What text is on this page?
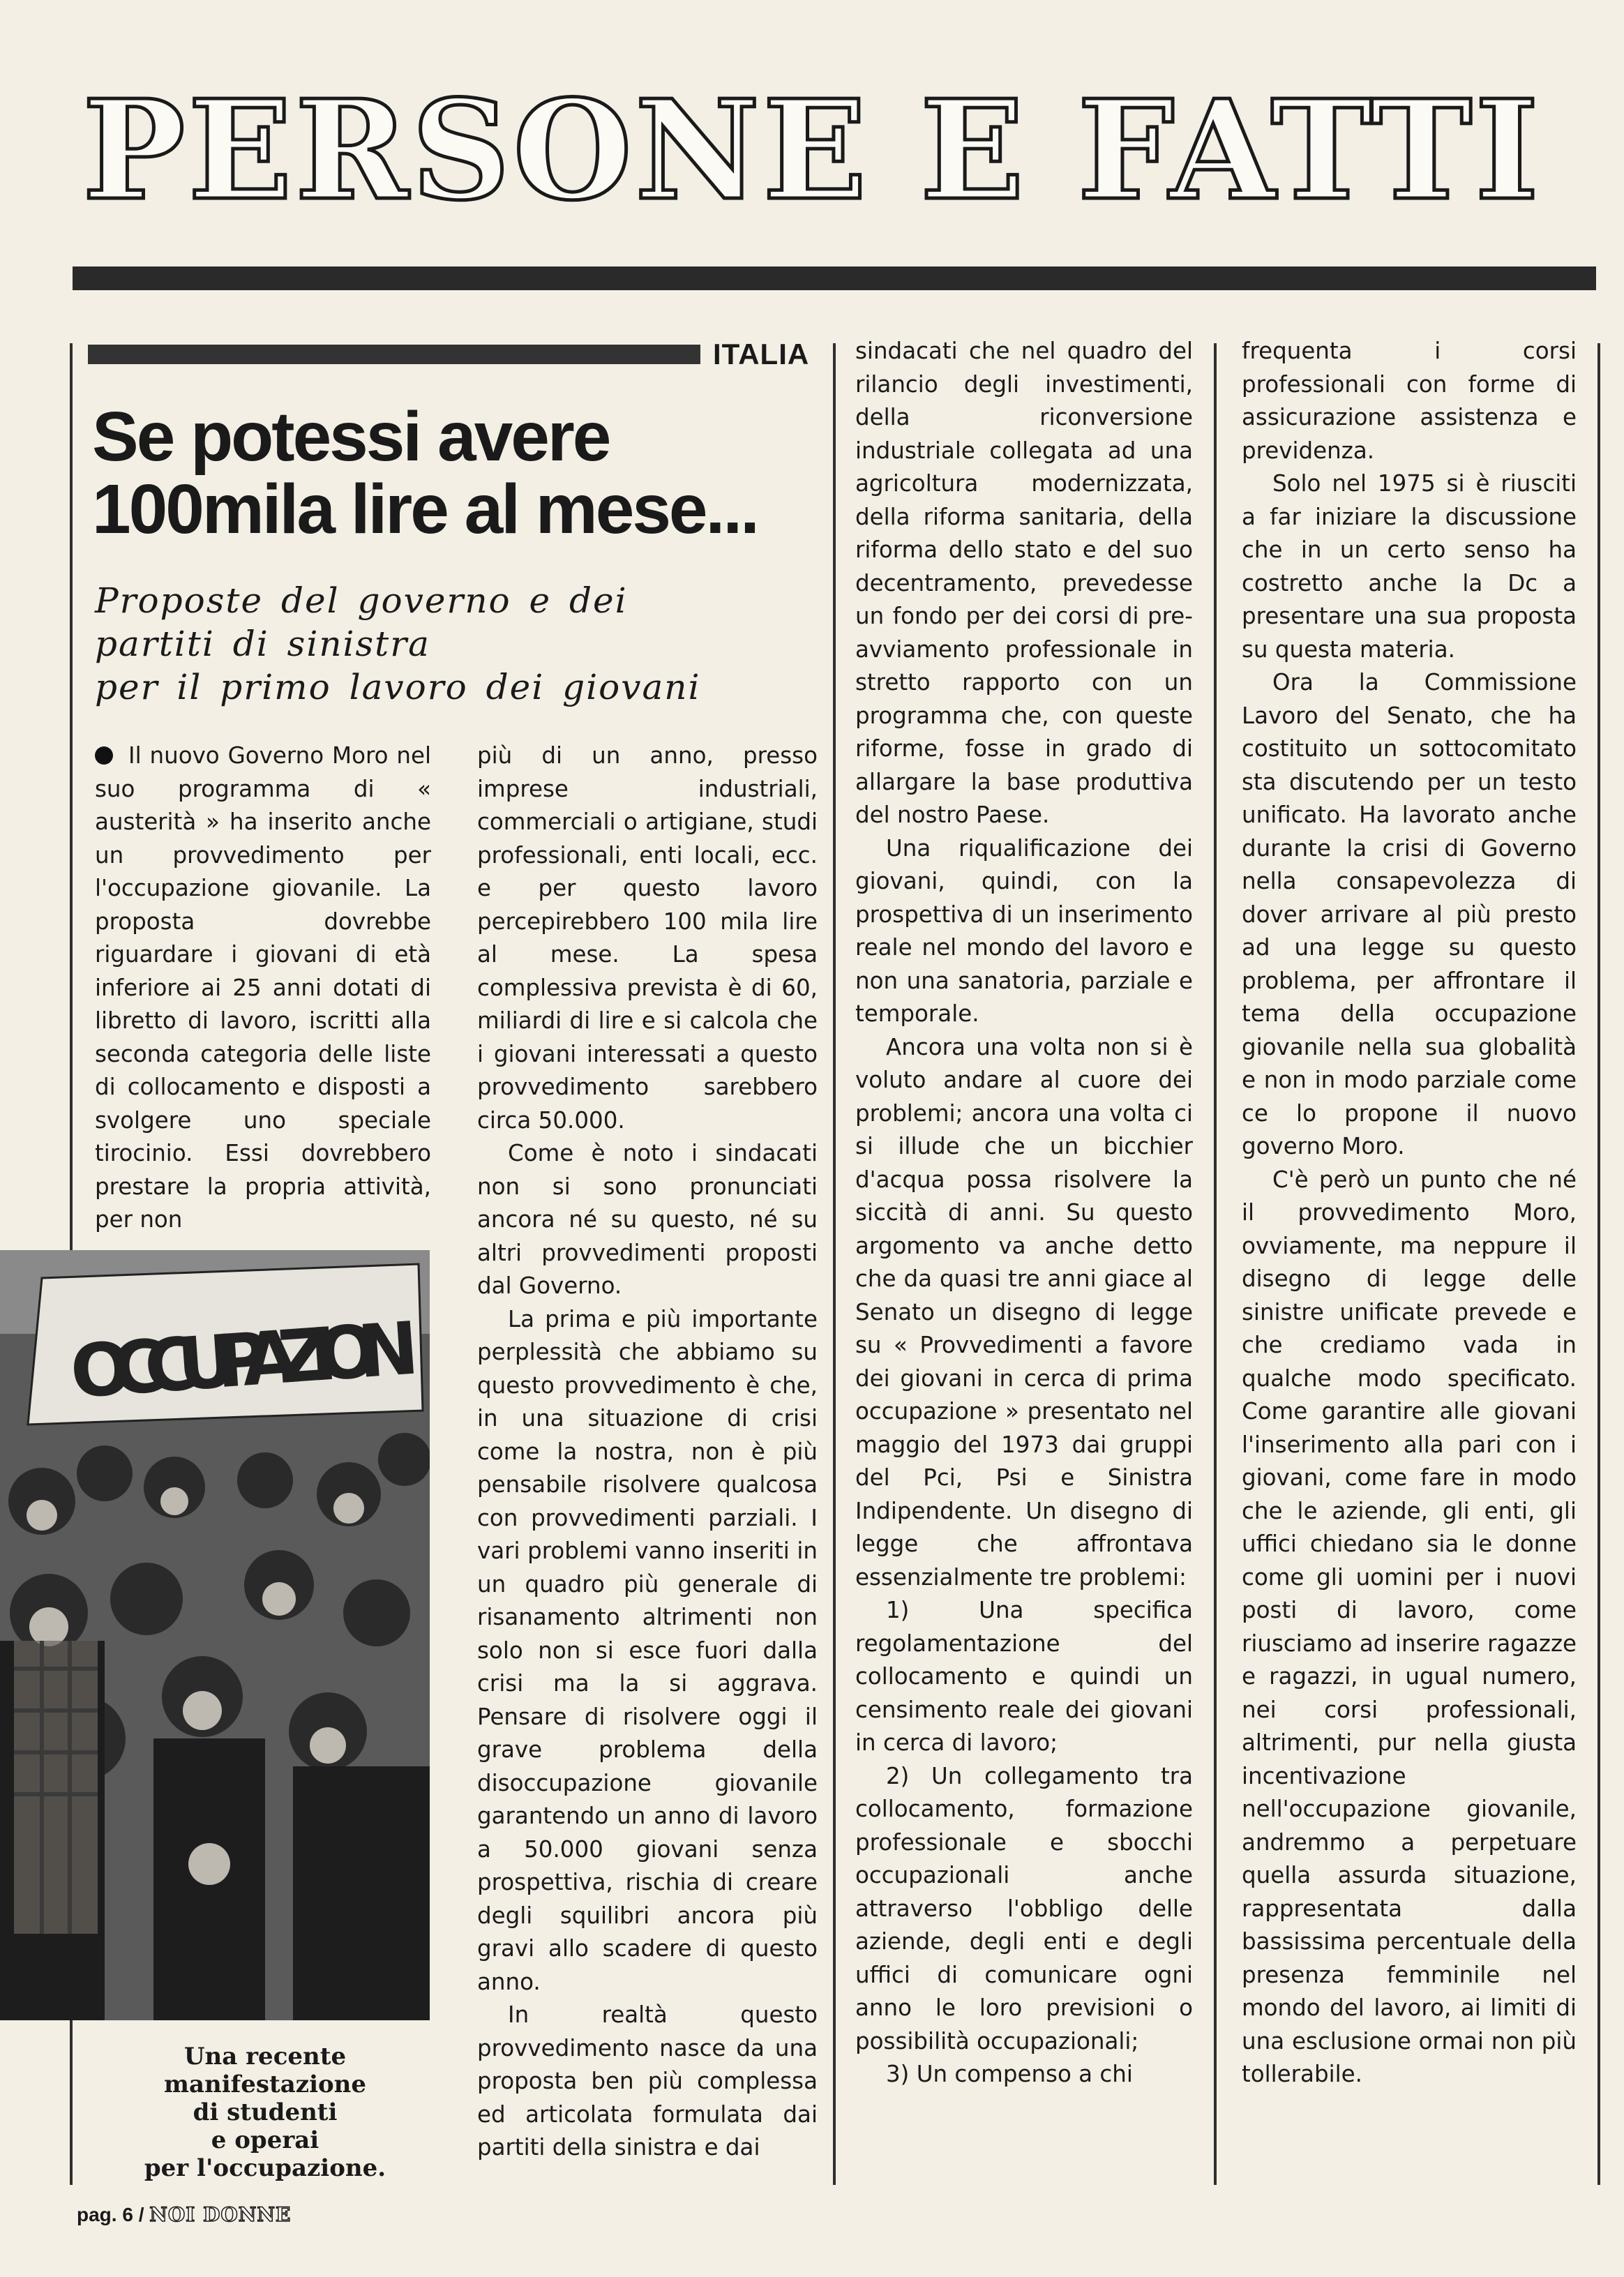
PERSONE E FATTI
ITALIA
Se potessi avere
100mila lire al mese...

Proposte del governo e dei
partiti di sinistra
per il primo lavoro dei giovani

Il nuovo Governo Moro nel suo programma di « austerità » ha inserito anche un provvedimento per l'occupazione giovanile. La proposta dovrebbe riguardare i giovani di età inferiore ai 25 anni dotati di libretto di lavoro, iscritti alla seconda categoria delle liste di collocamento e disposti a svolgere uno speciale tirocinio. Essi dovrebbero prestare la propria attività, per non

OCCUPAZION
Una recente
manifestazione
di studenti
e operai
per l'occupazione.

più di un anno, presso imprese industriali, commerciali o artigiane, studi professionali, enti locali, ecc. e per questo lavoro percepirebbero 100 mila lire al mese. La spesa complessiva prevista è di 60, miliardi di lire e si calcola che i giovani interessati a questo provvedimento sarebbero circa 50.000.

Come è noto i sindacati non si sono pronunciati ancora né su questo, né su altri provvedimenti proposti dal Governo.

La prima e più importante perplessità che abbiamo su questo provvedimento è che, in una situazione di crisi come la nostra, non è più pensabile risolvere qualcosa con provvedimenti parziali. I vari problemi vanno inseriti in un quadro più generale di risanamento altrimenti non solo non si esce fuori dalla crisi ma la si aggrava. Pensare di risolvere oggi il grave problema della disoccupazione giovanile garantendo un anno di lavoro a 50.000 giovani senza prospettiva, rischia di creare degli squilibri ancora più gravi allo scadere di questo anno.

In realtà questo provvedimento nasce da una proposta ben più complessa ed articolata formulata dai partiti della sinistra e dai

sindacati che nel quadro del rilancio degli investimenti, della riconversione industriale collegata ad una agricoltura modernizzata, della riforma sanitaria, della riforma dello stato e del suo decentramento, prevedesse un fondo per dei corsi di pre-avviamento professionale in stretto rapporto con un programma che, con queste riforme, fosse in grado di allargare la base produttiva del nostro Paese.

Una riqualificazione dei giovani, quindi, con la prospettiva di un inserimento reale nel mondo del lavoro e non una sanatoria, parziale e temporale.

Ancora una volta non si è voluto andare al cuore dei problemi; ancora una volta ci si illude che un bicchier d'acqua possa risolvere la siccità di anni. Su questo argomento va anche detto che da quasi tre anni giace al Senato un disegno di legge su « Provvedimenti a favore dei giovani in cerca di prima occupazione » presentato nel maggio del 1973 dai gruppi del Pci, Psi e Sinistra Indipendente. Un disegno di legge che affrontava essenzialmente tre problemi:

1) Una specifica regolamentazione del collocamento e quindi un censimento reale dei giovani in cerca di lavoro;

2) Un collegamento tra collocamento, formazione professionale e sbocchi occupazionali anche attraverso l'obbligo delle aziende, degli enti e degli uffici di comunicare ogni anno le loro previsioni o possibilità occupazionali;

3) Un compenso a chi

frequenta i corsi professionali con forme di assicurazione assistenza e previdenza.

Solo nel 1975 si è riusciti a far iniziare la discussione che in un certo senso ha costretto anche la Dc a presentare una sua proposta su questa materia.

Ora la Commissione Lavoro del Senato, che ha costituito un sottocomitato sta discutendo per un testo unificato. Ha lavorato anche durante la crisi di Governo nella consapevolezza di dover arrivare al più presto ad una legge su questo problema, per affrontare il tema della occupazione giovanile nella sua globalità e non in modo parziale come ce lo propone il nuovo governo Moro.

C'è però un punto che né il provvedimento Moro, ovviamente, ma neppure il disegno di legge delle sinistre unificate prevede e che crediamo vada in qualche modo specificato. Come garantire alle giovani l'inserimento alla pari con i giovani, come fare in modo che le aziende, gli enti, gli uffici chiedano sia le donne come gli uomini per i nuovi posti di lavoro, come riusciamo ad inserire ragazze e ragazzi, in ugual numero, nei corsi professionali, altrimenti, pur nella giusta incentivazione nell'occupazione giovanile, andremmo a perpetuare quella assurda situazione, rappresentata dalla bassissima percentuale della presenza femminile nel mondo del lavoro, ai limiti di una esclusione ormai non più tollerabile.

pag. 6 / NOI DONNE
